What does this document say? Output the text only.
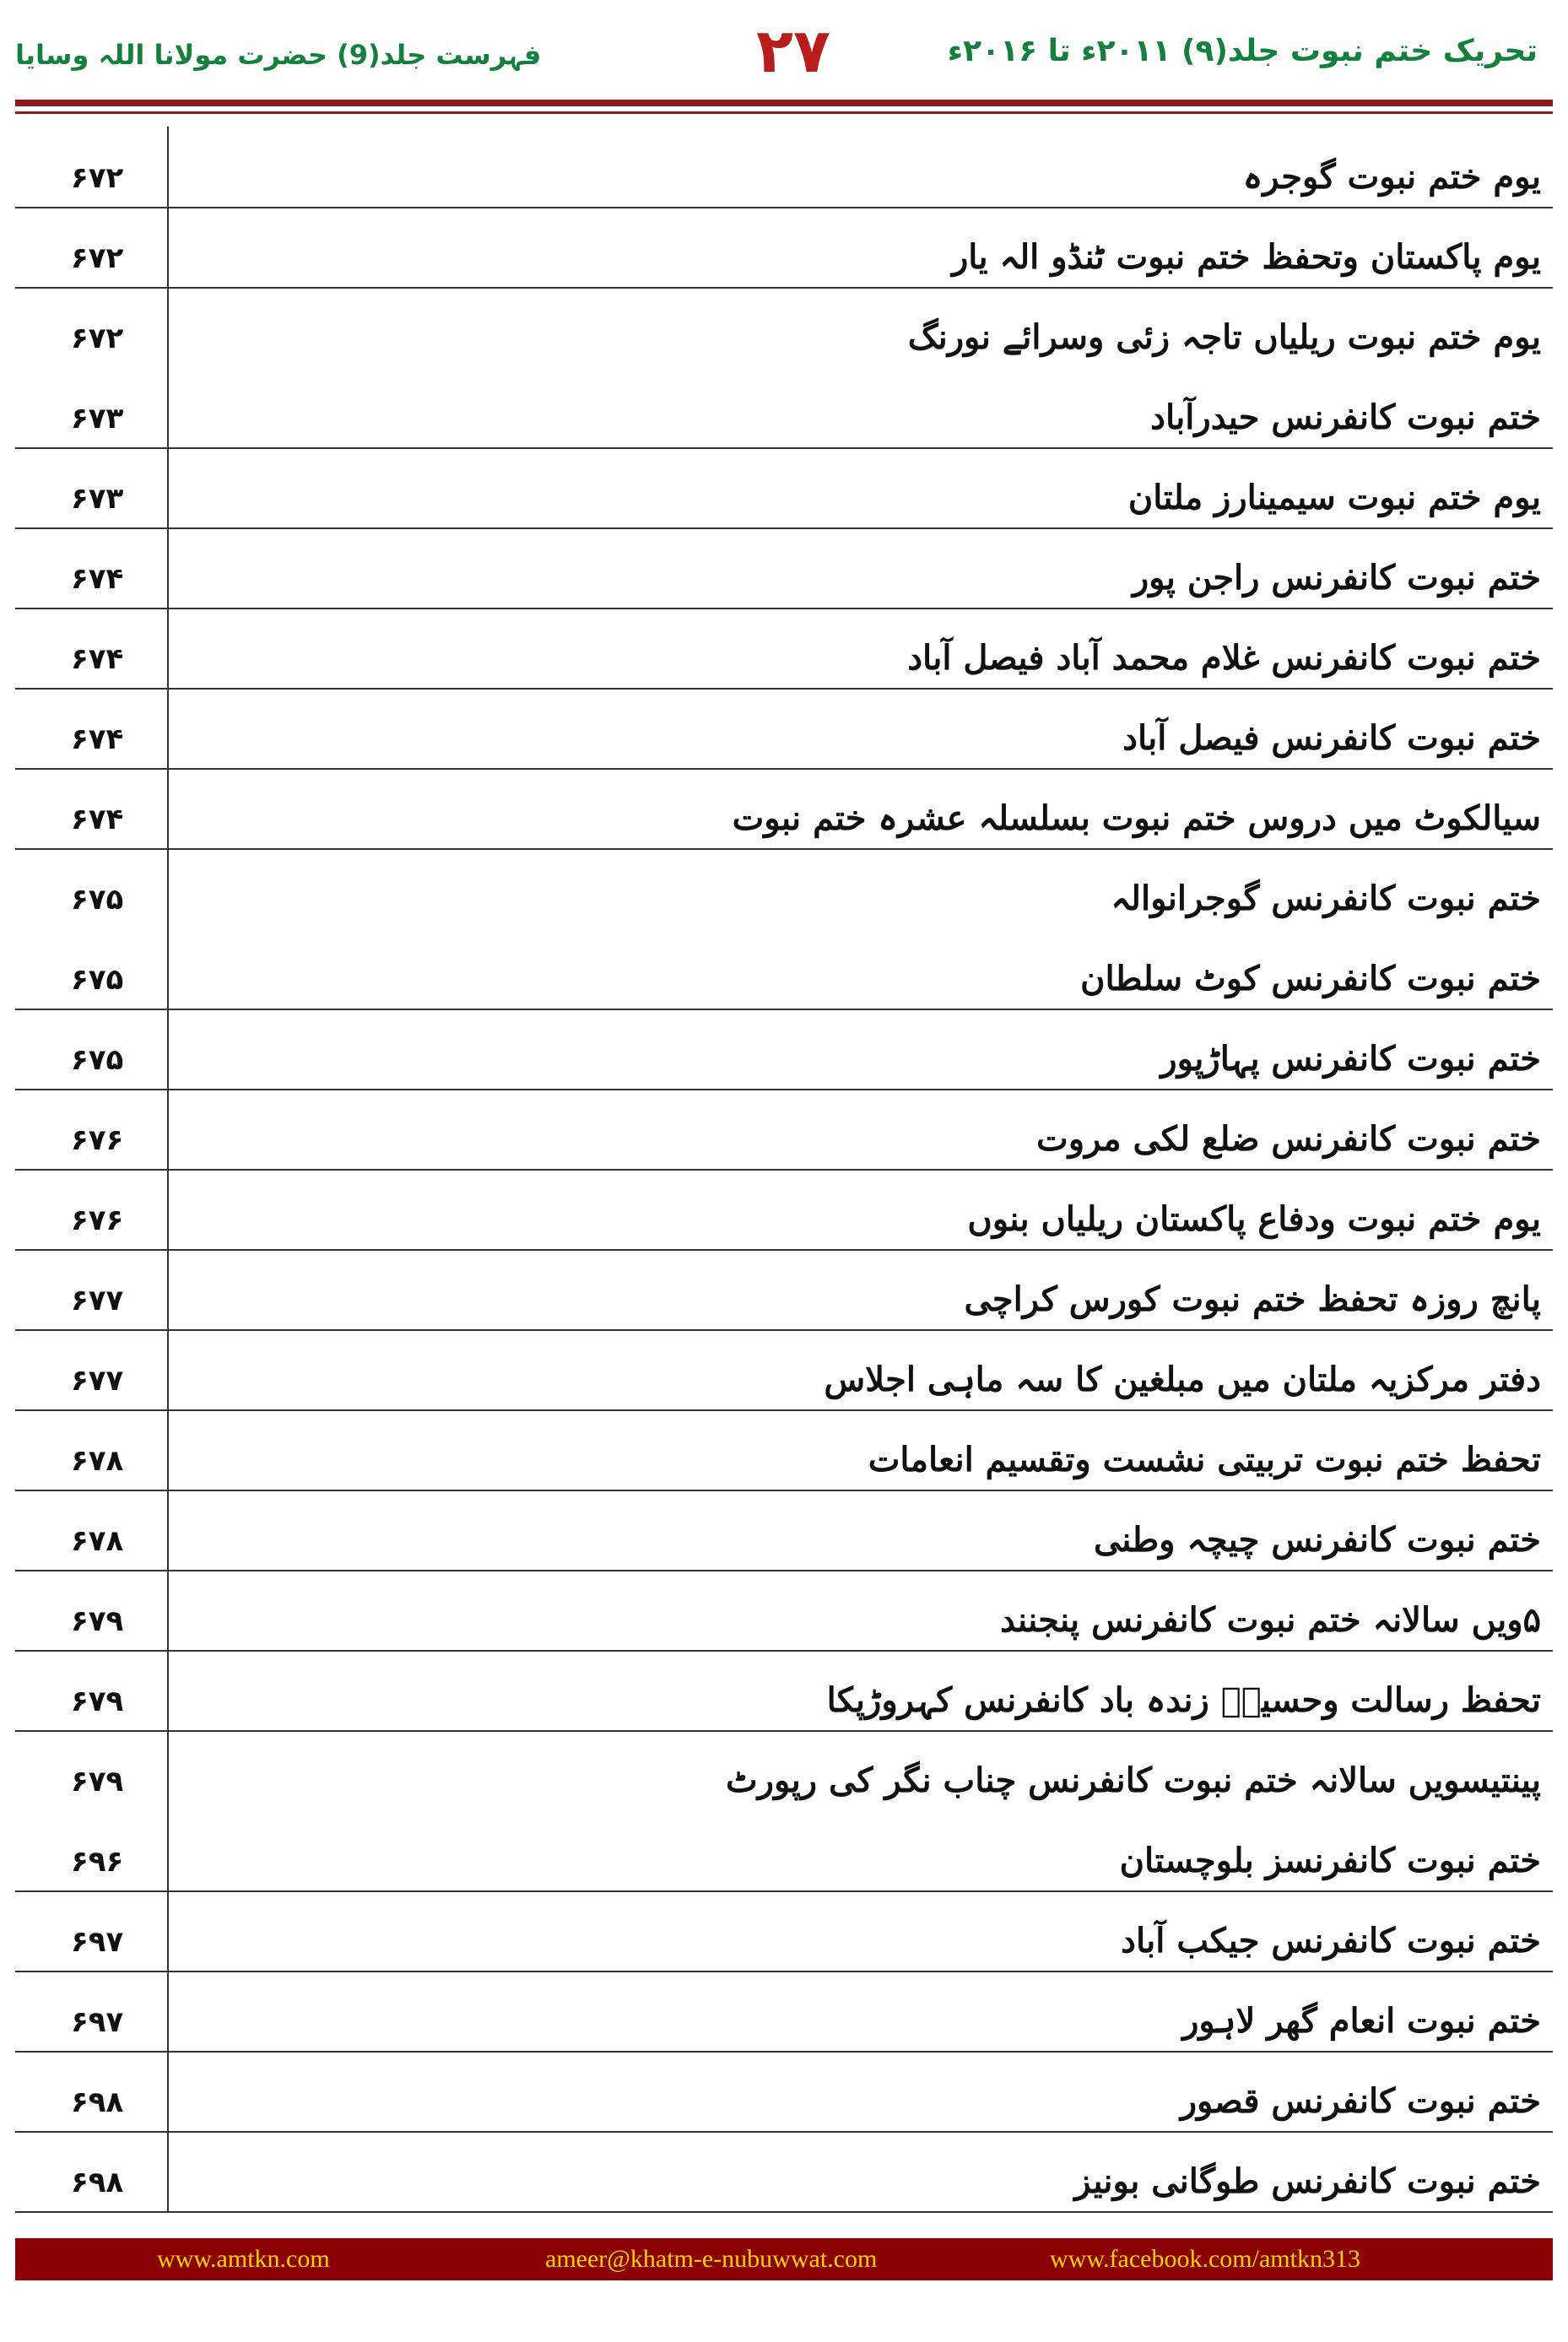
تحریک ختم نبوت جلد(۹) ۲۰۱۱ء تا ۲۰۱۶ء
۲۷
فہرست جلد(9) حضرت مولانا اللہ وسایا
یوم ختم نبوت گوجرہ
۶۷۲
یوم پاکستان وتحفظ ختم نبوت ٹنڈو الہ یار
۶۷۲
یوم ختم نبوت ریلیاں تاجہ زئی وسرائے نورنگ
۶۷۲
ختم نبوت کانفرنس حیدرآباد
۶۷۳
یوم ختم نبوت سیمینارز ملتان
۶۷۳
ختم نبوت کانفرنس راجن پور
۶۷۴
ختم نبوت کانفرنس غلام محمد آباد فیصل آباد
۶۷۴
ختم نبوت کانفرنس فیصل آباد
۶۷۴
سیالکوٹ میں دروس ختم نبوت بسلسلہ عشرہ ختم نبوت
۶۷۴
ختم نبوت کانفرنس گوجرانوالہ
۶۷۵
ختم نبوت کانفرنس کوٹ سلطان
۶۷۵
ختم نبوت کانفرنس پہاڑپور
۶۷۵
ختم نبوت کانفرنس ضلع لکی مروت
۶۷۶
یوم ختم نبوت ودفاع پاکستان ریلیاں بنوں
۶۷۶
پانچ روزہ تحفظ ختم نبوت کورس کراچی
۶۷۷
دفتر مرکزیہ ملتان میں مبلغین کا سہ ماہی اجلاس
۶۷۷
تحفظ ختم نبوت تربیتی نشست وتقسیم انعامات
۶۷۸
ختم نبوت کانفرنس چیچہ وطنی
۶۷۸
۵ویں سالانہ ختم نبوت کانفرنس پنجنند
۶۷۹
تحفظ رسالت وحسینؓ زندہ باد کانفرنس کہروڑپکا
۶۷۹
پینتیسویں سالانہ ختم نبوت کانفرنس چناب نگر کی رپورٹ
۶۷۹
ختم نبوت کانفرنسز بلوچستان
۶۹۶
ختم نبوت کانفرنس جیکب آباد
۶۹۷
ختم نبوت انعام گھر لاہور
۶۹۷
ختم نبوت کانفرنس قصور
۶۹۸
ختم نبوت کانفرنس طوگانی بونیز
۶۹۸
www.amtkn.com	ameer@khatm-e-nubuwwat.com	www.facebook.com/amtkn313
